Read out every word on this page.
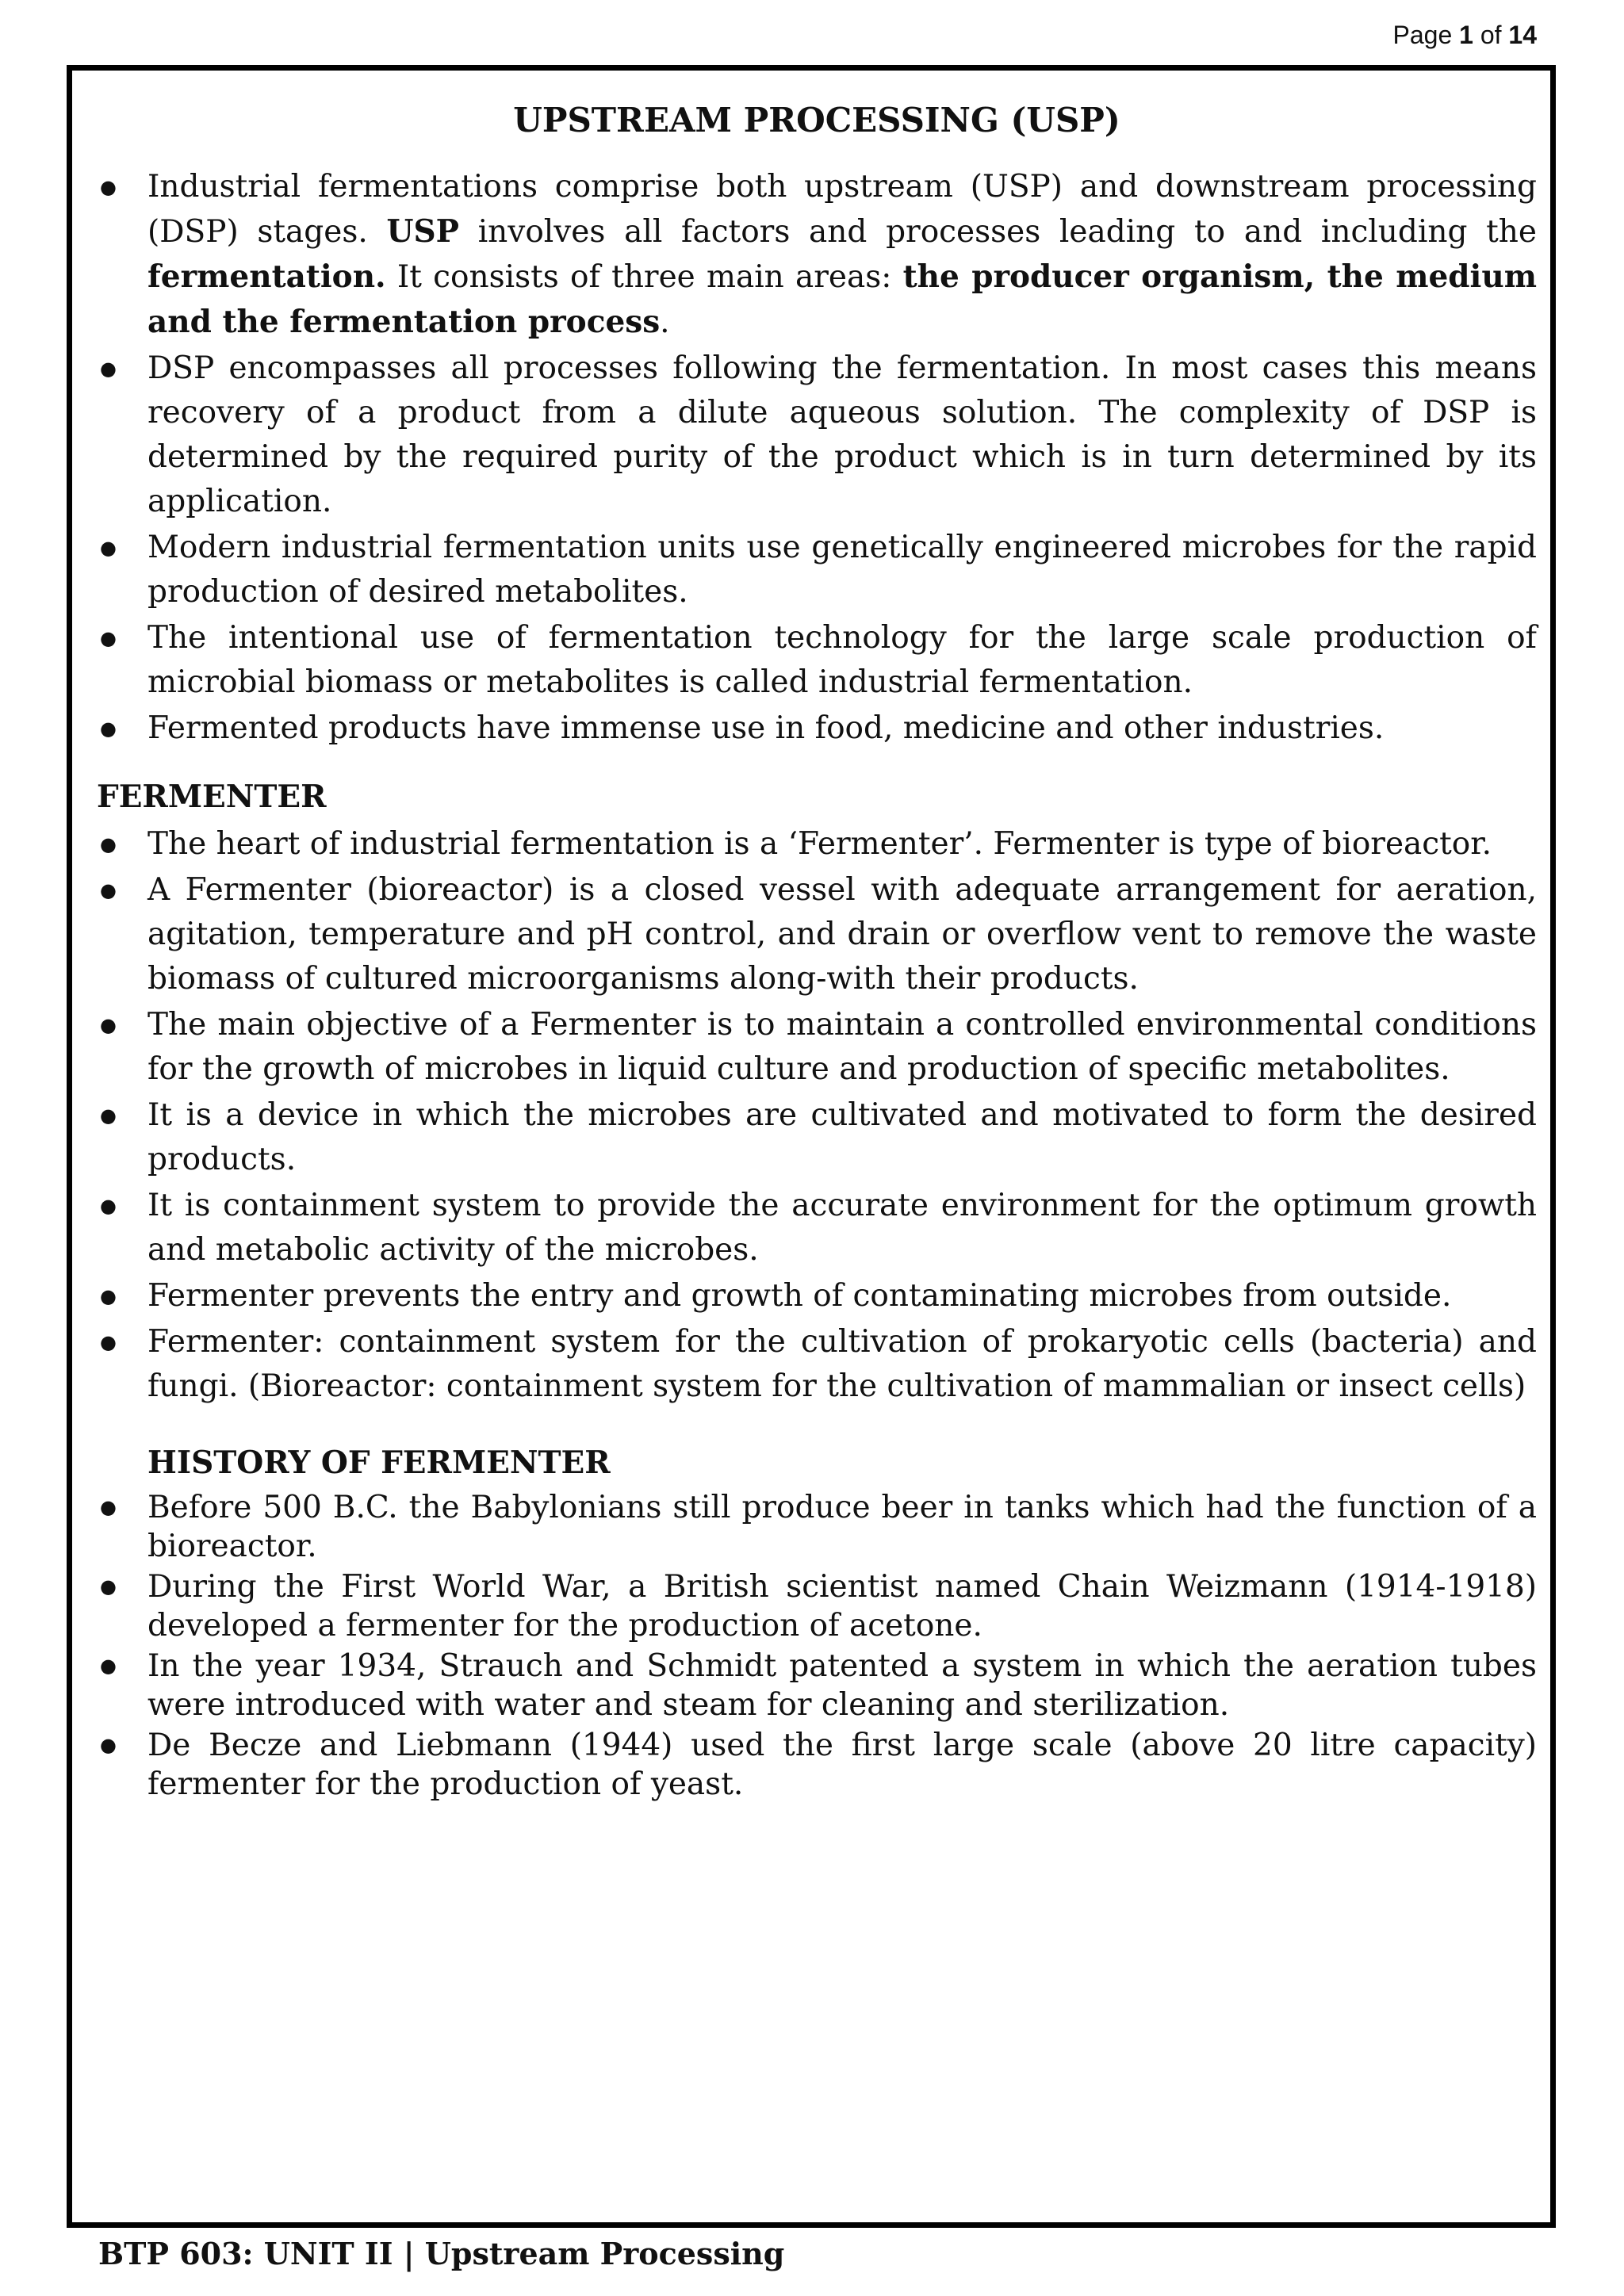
Page 1 of 14
UPSTREAM PROCESSING (USP)
● Industrial fermentations comprise both upstream (USP) and downstream processing (DSP) stages. USP involves all factors and processes leading to and including the fermentation. It consists of three main areas: the producer organism, the medium and the fermentation process.
● DSP encompasses all processes following the fermentation. In most cases this means recovery of a product from a dilute aqueous solution. The complexity of DSP is determined by the required purity of the product which is in turn determined by its application.
● Modern industrial fermentation units use genetically engineered microbes for the rapid production of desired metabolites.
● The intentional use of fermentation technology for the large scale production of microbial biomass or metabolites is called industrial fermentation.
● Fermented products have immense use in food, medicine and other industries.
FERMENTER
● The heart of industrial fermentation is a ‘Fermenter’. Fermenter is type of bioreactor.
● A Fermenter (bioreactor) is a closed vessel with adequate arrangement for aeration, agitation, temperature and pH control, and drain or overflow vent to remove the waste biomass of cultured microorganisms along-with their products.
● The main objective of a Fermenter is to maintain a controlled environmental conditions for the growth of microbes in liquid culture and production of specific metabolites.
● It is a device in which the microbes are cultivated and motivated to form the desired products.
● It is containment system to provide the accurate environment for the optimum growth and metabolic activity of the microbes.
● Fermenter prevents the entry and growth of contaminating microbes from outside.
● Fermenter: containment system for the cultivation of prokaryotic cells (bacteria) and fungi. (Bioreactor: containment system for the cultivation of mammalian or insect cells)
HISTORY OF FERMENTER
● Before 500 B.C. the Babylonians still produce beer in tanks which had the function of a bioreactor.
● During the First World War, a British scientist named Chain Weizmann (1914-1918) developed a fermenter for the production of acetone.
● In the year 1934, Strauch and Schmidt patented a system in which the aeration tubes were introduced with water and steam for cleaning and sterilization.
● De Becze and Liebmann (1944) used the first large scale (above 20 litre capacity) fermenter for the production of yeast.
BTP 603: UNIT II | Upstream Processing
